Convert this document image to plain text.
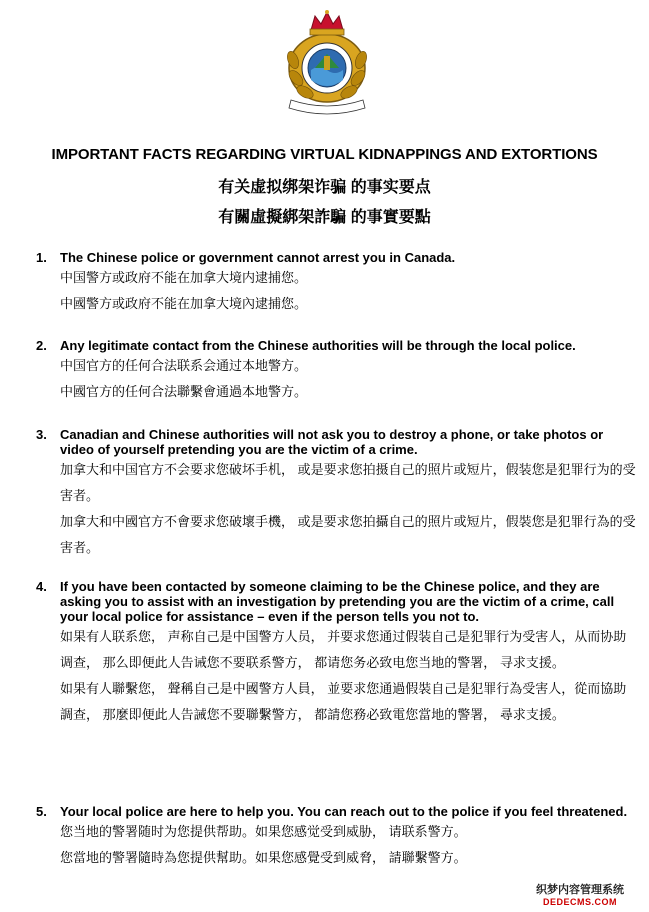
IMPORTANT FACTS REGARDING VIRTUAL KIDNAPPINGS AND EXTORTIONS
有关虚拟绑架诈骗 的事实要点
有關虛擬綁架詐騙 的事實要點
1.	The Chinese police or government cannot arrest you in Canada.

中国警方或政府不能在加拿大境内逮捕您。

中國警方或政府不能在加拿大境內逮捕您。

2.	Any legitimate contact from the Chinese authorities will be through the local police.

中国官方的任何合法联系会通过本地警方。

中國官方的任何合法聯繫會通過本地警方。

3.	Canadian and Chinese authorities will not ask you to destroy a phone, or take photos or video of yourself pretending you are the victim of a crime.

加拿大和中国官方不会要求您破坏手机， 或是要求您拍摄自己的照片或短片，假装您是犯罪行为的受害者。

加拿大和中國官方不會要求您破壞手機， 或是要求您拍攝自己的照片或短片，假裝您是犯罪行為的受害者。

4.	If you have been contacted by someone claiming to be the Chinese police, and they are asking you to assist with an investigation by pretending you are the victim of a crime, call your local police for assistance – even if the person tells you not to.

如果有人联系您， 声称自己是中国警方人员， 并要求您通过假装自己是犯罪行为受害人，从而协助调查， 那么即便此人告诫您不要联系警方， 都请您务必致电您当地的警署， 寻求支援。

如果有人聯繫您， 聲稱自己是中國警方人員， 並要求您通過假裝自己是犯罪行為受害人，從而協助調查， 那麼即便此人告誡您不要聯繫警方， 都請您務必致電您當地的警署， 尋求支援。

5.	Your local police are here to help you. You can reach out to the police if you feel threatened.

您当地的警署随时为您提供帮助。如果您感觉受到威胁， 请联系警方。

您當地的警署隨時為您提供幫助。如果您感覺受到威脅， 請聯繫警方。

织梦内容管理系统
DEDECMS.COM
